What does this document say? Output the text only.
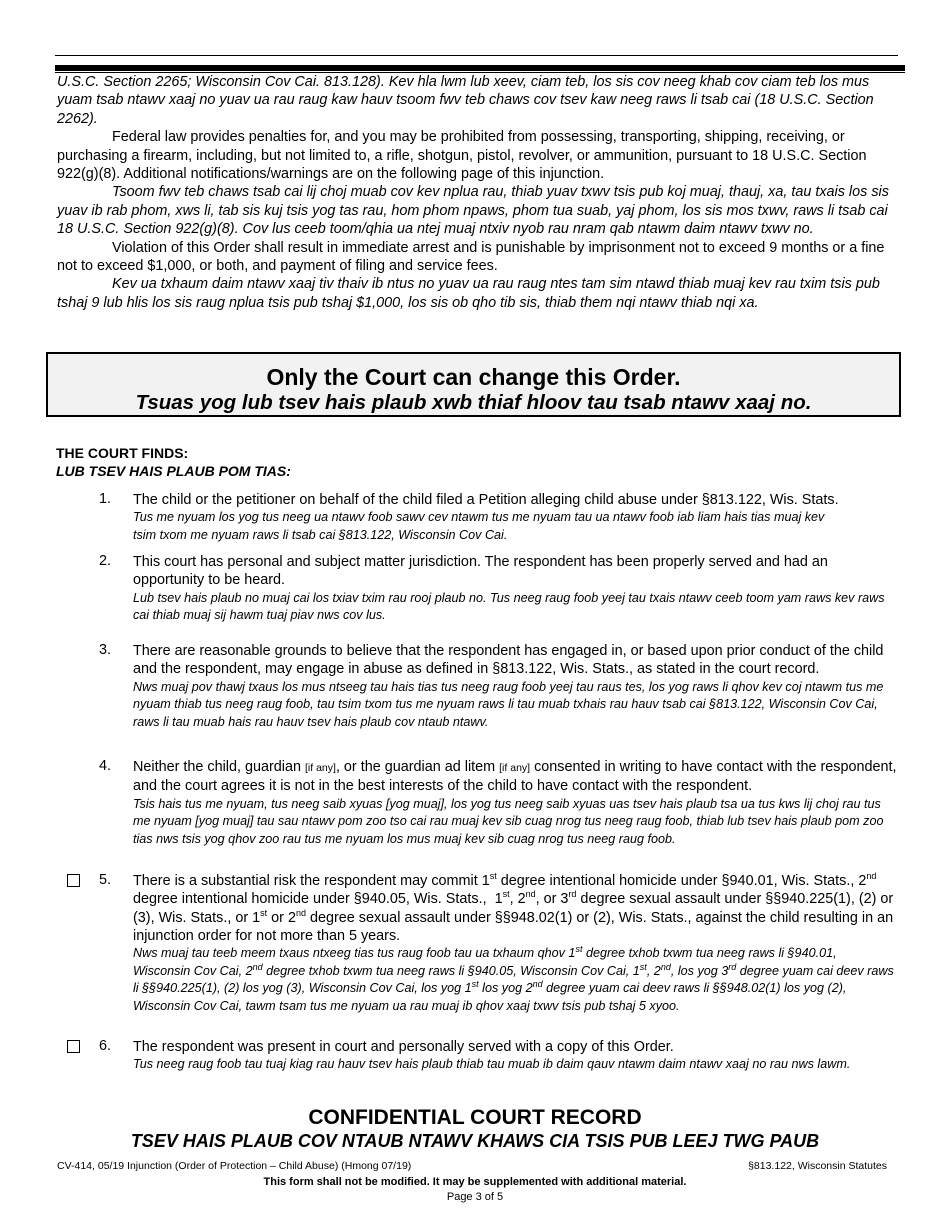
U.S.C. Section 2265; Wisconsin Cov Cai. 813.128). Kev hla lwm lub xeev, ciam teb, los sis cov neeg khab cov ciam teb los mus yuam tsab ntawv xaaj no yuav ua rau raug kaw hauv tsoom fwv teb chaws cov tsev kaw neeg raws li tsab cai (18 U.S.C. Section 2262).

Federal law provides penalties for, and you may be prohibited from possessing, transporting, shipping, receiving, or purchasing a firearm, including, but not limited to, a rifle, shotgun, pistol, revolver, or ammunition, pursuant to 18 U.S.C. Section 922(g)(8). Additional notifications/warnings are on the following page of this injunction.

Tsoom fwv teb chaws tsab cai lij choj muab cov kev nplua rau, thiab yuav txwv tsis pub koj muaj, thauj, xa, tau txais los sis yuav ib rab phom, xws li, tab sis kuj tsis yog tas rau, hom phom npaws, phom tua suab, yaj phom, los sis mos txwv, raws li tsab cai 18 U.S.C. Section 922(g)(8). Cov lus ceeb toom/qhia ua ntej muaj ntxiv nyob rau nram qab ntawm daim ntawv txwv no.

Violation of this Order shall result in immediate arrest and is punishable by imprisonment not to exceed 9 months or a fine not to exceed $1,000, or both, and payment of filing and service fees.

Kev ua txhaum daim ntawv xaaj tiv thaiv ib ntus no yuav ua rau raug ntes tam sim ntawd thiab muaj kev rau txim tsis pub tshaj 9 lub hlis los sis raug nplua tsis pub tshaj $1,000, los sis ob qho tib sis, thiab them nqi ntawv thiab nqi xa.

Only the Court can change this Order.
Tsuas yog lub tsev hais plaub xwb thiaf hloov tau tsab ntawv xaaj no.
THE COURT FINDS:
LUB TSEV HAIS PLAUB POM TIAS:
1. The child or the petitioner on behalf of the child filed a Petition alleging child abuse under §813.122, Wis. Stats.
Tus me nyuam los yog tus neeg ua ntawv foob sawv cev ntawm tus me nyuam tau ua ntawv foob iab liam hais tias muaj kev tsim txom me nyuam raws li tsab cai §813.122, Wisconsin Cov Cai.
2. This court has personal and subject matter jurisdiction. The respondent has been properly served and had an opportunity to be heard.
Lub tsev hais plaub no muaj cai los txiav txim rau rooj plaub no. Tus neeg raug foob yeej tau txais ntawv ceeb toom yam raws kev raws cai thiab muaj sij hawm tuaj piav nws cov lus.
3. There are reasonable grounds to believe that the respondent has engaged in, or based upon prior conduct of the child and the respondent, may engage in abuse as defined in §813.122, Wis. Stats., as stated in the court record.
Nws muaj pov thawj txaus los mus ntseeg tau hais tias tus neeg raug foob yeej tau raus tes, los yog raws li qhov kev coj ntawm tus me nyuam thiab tus neeg raug foob, tau tsim txom tus me nyuam raws li tau muab txhais rau hauv tsab cai §813.122, Wisconsin Cov Cai, raws li tau muab hais rau hauv tsev hais plaub cov ntaub ntawv.
4. Neither the child, guardian [if any], or the guardian ad litem [if any] consented in writing to have contact with the respondent, and the court agrees it is not in the best interests of the child to have contact with the respondent.
Tsis hais tus me nyuam, tus neeg saib xyuas [yog muaj], los yog tus neeg saib xyuas uas tsev hais plaub tsa ua tus kws lij choj rau tus me nyuam [yog muaj] tau sau ntawv pom zoo tso cai rau muaj kev sib cuag nrog tus neeg raug foob, thiab lub tsev hais plaub pom zoo tias nws tsis yog qhov zoo rau tus me nyuam los mus muaj kev sib cuag nrog tus neeg raug foob.
5. There is a substantial risk the respondent may commit 1st degree intentional homicide under §940.01, Wis. Stats., 2nd degree intentional homicide under §940.05, Wis. Stats.,  1st, 2nd, or 3rd degree sexual assault under §§940.225(1), (2) or (3), Wis. Stats., or 1st or 2nd degree sexual assault under §§948.02(1) or (2), Wis. Stats., against the child resulting in an injunction order for not more than 5 years.
Nws muaj tau teeb meem txaus ntxeeg tias tus raug foob tau ua txhaum qhov 1st degree txhob txwm tua neeg raws li §940.01, Wisconsin Cov Cai, 2nd degree txhob txwm tua neeg raws li §940.05, Wisconsin Cov Cai, 1st, 2nd, los yog 3rd degree yuam cai deev raws li §§940.225(1), (2) los yog (3), Wisconsin Cov Cai, los yog 1st los yog 2nd degree yuam cai deev raws li §§948.02(1) los yog (2), Wisconsin Cov Cai, tawm tsam tus me nyuam ua rau muaj ib qhov xaaj txwv tsis pub tshaj 5 xyoo.
6. The respondent was present in court and personally served with a copy of this Order.
Tus neeg raug foob tau tuaj kiag rau hauv tsev hais plaub thiab tau muab ib daim qauv ntawm daim ntawv xaaj no rau nws lawm.
CONFIDENTIAL COURT RECORD
TSEV HAIS PLAUB COV NTAUB NTAWV KHAWS CIA TSIS PUB LEEJ TWG PAUB
CV-414, 05/19 Injunction (Order of Protection – Child Abuse) (Hmong 07/19)	§813.122, Wisconsin Statutes
This form shall not be modified. It may be supplemented with additional material.
Page 3 of 5
